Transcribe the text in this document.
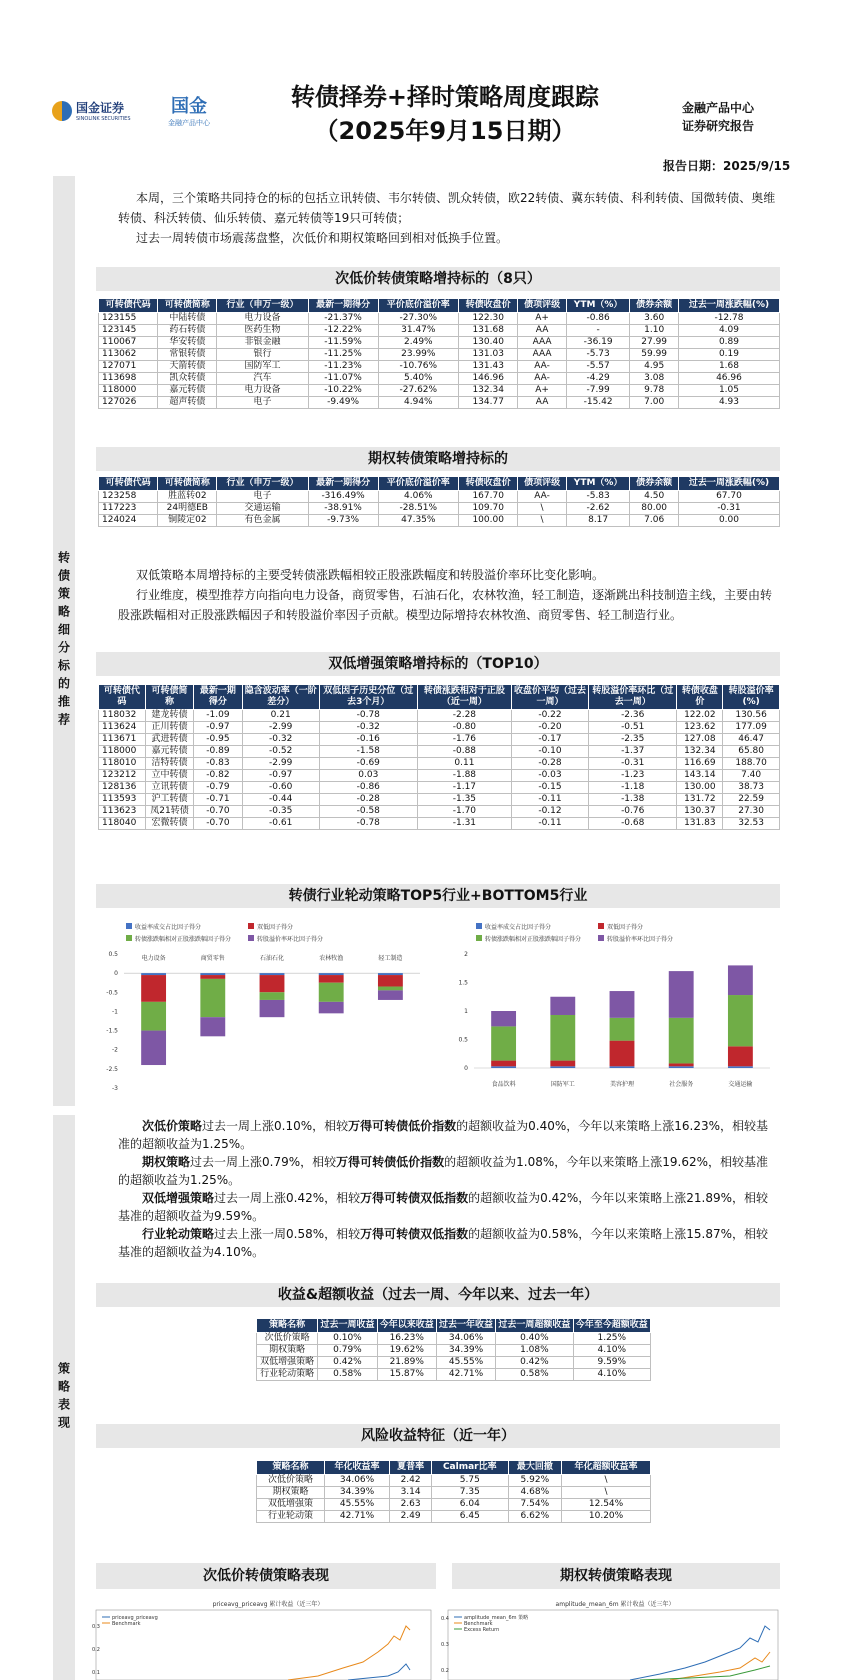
国金证券
SINOLINK SECURITIES
国金
金融产品中心
转债择券+择时策略周度跟踪
（2025年9月15日期）
金融产品中心
证券研究报告
报告日期：2025/9/15
转债策略细分标的推荐
策略表现

本周，三个策略共同持仓的标的包括立讯转债、韦尔转债、凯众转债，欧22转债、冀东转债、科利转债、国微转债、奥维转债、科沃转债、仙乐转债、嘉元转债等19只可转债；

过去一周转债市场震荡盘整，次低价和期权策略回到相对低换手位置。

次低价转债策略增持标的（8只）
可转债代码	可转债简称	行业（申万一级）	最新一期得分	平价底价溢价率	转债收盘价	债项评级	YTM（%）	债券余额	过去一周涨跌幅(%)
123155	中陆转债	电力设备	-21.37%	-27.30%	122.30	A+	-0.86	3.60	-12.78
123145	药石转债	医药生物	-12.22%	31.47%	131.68	AA	-	1.10	4.09
110067	华安转债	非银金融	-11.59%	2.49%	130.40	AAA	-36.19	27.99	0.89
113062	常银转债	银行	-11.25%	23.99%	131.03	AAA	-5.73	59.99	0.19
127071	天箭转债	国防军工	-11.23%	-10.76%	131.43	AA-	-5.57	4.95	1.68
113698	凯众转债	汽车	-11.07%	5.40%	146.96	AA-	-4.29	3.08	46.96
118000	嘉元转债	电力设备	-10.22%	-27.62%	132.34	A+	-7.99	9.78	1.05
127026	超声转债	电子	-9.49%	4.94%	134.77	AA	-15.42	7.00	4.93
期权转债策略增持标的
可转债代码	可转债简称	行业（申万一级）	最新一期得分	平价底价溢价率	转债收盘价	债项评级	YTM（%）	债券余额	过去一周涨跌幅(%)
123258	胜蓝转02	电子	-316.49%	4.06%	167.70	AA-	-5.83	4.50	67.70
117223	24明德EB	交通运输	-38.91%	-28.51%	109.70	\	-2.62	80.00	-0.31
124024	铜陵定02	有色金属	-9.73%	47.35%	100.00	\	8.17	7.06	0.00

双低策略本周增持标的主要受转债涨跌幅相较正股涨跌幅度和转股溢价率环比变化影响。

行业维度，模型推荐方向指向电力设备，商贸零售，石油石化，农林牧渔，轻工制造，逐渐跳出科技制造主线，主要由转股涨跌幅相对正股涨跌幅因子和转股溢价率因子贡献。模型边际增持农林牧渔、商贸零售、轻工制造行业。

双低增强策略增持标的（TOP10）
可转债代码	可转债简称	最新一期得分	隐含波动率（一阶差分）	双低因子历史分位（过去3个月）	转债涨跌相对于正股（近一周）	收盘价平均（过去一周）	转股溢价率环比（过去一周）	转债收盘价	转股溢价率(%)
118032	建龙转债	-1.09	0.21	-0.78	-2.28	-0.22	-2.36	122.02	130.56
113624	正川转债	-0.97	-2.99	-0.32	-0.80	-0.20	-0.51	123.62	177.09
113671	武进转债	-0.95	-0.32	-0.16	-1.76	-0.17	-2.35	127.08	46.47
118000	嘉元转债	-0.89	-0.52	-1.58	-0.88	-0.10	-1.37	132.34	65.80
118010	洁特转债	-0.83	-2.99	-0.69	0.11	-0.28	-0.31	116.69	188.70
123212	立中转债	-0.82	-0.97	0.03	-1.88	-0.03	-1.23	143.14	7.40
128136	立讯转债	-0.79	-0.60	-0.86	-1.17	-0.15	-1.18	130.00	38.73
113593	沪工转债	-0.71	-0.44	-0.28	-1.35	-0.11	-1.38	131.72	22.59
113623	凤21转债	-0.70	-0.35	-0.58	-1.70	-0.12	-0.76	130.37	27.30
118040	宏微转债	-0.70	-0.61	-0.78	-1.31	-0.11	-0.68	131.83	32.53
转债行业轮动策略TOP5行业+BOTTOM5行业
收益率成交占比因子得分	双低因子得分
转债涨跌幅相对正股涨跌幅因子得分	转股溢价率环比因子得分
0.5
0
-0.5
-1
-1.5
-2
-2.5
-3
电力设备	商贸零售	石油石化	农林牧渔	轻工制造
收益率成交占比因子得分	双低因子得分
转债涨跌幅相对正股涨跌幅因子得分	转股溢价率环比因子得分
2
1.5
1
0.5
0
食品饮料	国防军工	美容护理	社会服务	交通运输

次低价策略过去一周上涨0.10%，相较万得可转债低价指数的超额收益为0.40%，今年以来策略上涨16.23%，相较基准的超额收益为1.25%。

期权策略过去一周上涨0.79%，相较万得可转债低价指数的超额收益为1.08%，今年以来策略上涨19.62%，相较基准的超额收益为1.25%。

双低增强策略过去一周上涨0.42%，相较万得可转债双低指数的超额收益为0.42%，今年以来策略上涨21.89%，相较基准的超额收益为9.59%。

行业轮动策略过去上涨一周0.58%，相较万得可转债双低指数的超额收益为0.58%，今年以来策略上涨15.87%，相较基准的超额收益为4.10%。

收益&超额收益（过去一周、今年以来、过去一年）
策略名称	过去一周收益	今年以来收益	过去一年收益	过去一周超额收益	今年至今超额收益
次低价策略	0.10%	16.23%	34.06%	0.40%	1.25%
期权策略	0.79%	19.62%	34.39%	1.08%	4.10%
双低增强策略	0.42%	21.89%	45.55%	0.42%	9.59%
行业轮动策略	0.58%	15.87%	42.71%	0.58%	4.10%
风险收益特征（近一年）
策略名称	年化收益率	夏普率	Calmar比率	最大回撤	年化超额收益率
次低价策略	34.06%	2.42	5.75	5.92%	\
期权策略	34.39%	3.14	7.35	4.68%	\
双低增强策	45.55%	2.63	6.04	7.54%	12.54%
行业轮动策	42.71%	2.49	6.45	6.62%	10.20%
次低价转债策略表现	期权转债策略表现
priceavg_priceavg 累计收益（近三年）
priceavg_priceavg
Benchmark
0.3
0.2
0.1
amplitude_mean_6m 累计收益（近三年）
amplitude_mean_6m 策略
Benchmark
Excess Return
0.4
0.3
0.2
